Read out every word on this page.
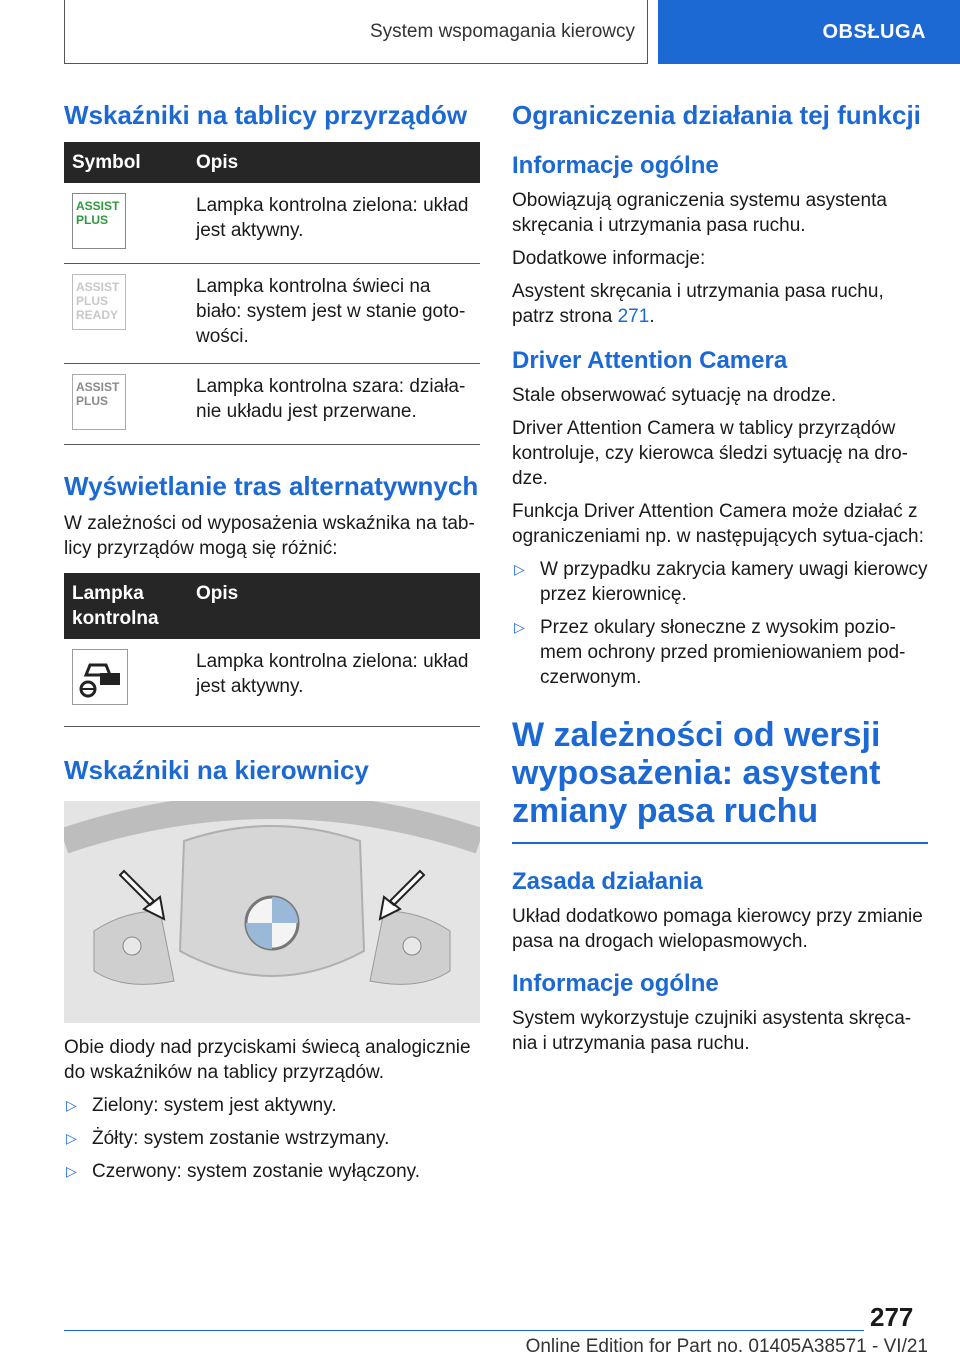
System wspomagania kierowcy	OBSŁUGA
Wskaźniki na tablicy przyrządów
Symbol	Opis

ASSIST
PLUS	Lampka kontrolna zielona: układ jest aktywny.

ASSIST
PLUS
READY	Lampka kontrolna świeci na biało: system jest w stanie goto-wości.

ASSIST
PLUS	Lampka kontrolna szara: działa-nie układu jest przerwane.
Wyświetlanie tras alternatywnych
W zależności od wyposażenia wskaźnika na tab-licy przyrządów mogą się różnić:
Lampka kontrolna	Opis
	Lampka kontrolna zielona: układ jest aktywny.
Wskaźniki na kierownicy
Obie diody nad przyciskami świecą analogicznie do wskaźników na tablicy przyrządów.
▷ Zielony: system jest aktywny.
▷ Żółty: system zostanie wstrzymany.
▷ Czerwony: system zostanie wyłączony.
Ograniczenia działania tej funkcji
Informacje ogólne
Obowiązują ograniczenia systemu asystenta skręcania i utrzymania pasa ruchu.
Dodatkowe informacje:
Asystent skręcania i utrzymania pasa ruchu, patrz strona 271.
Driver Attention Camera
Stale obserwować sytuację na drodze.
Driver Attention Camera w tablicy przyrządów kontroluje, czy kierowca śledzi sytuację na dro-dze.
Funkcja Driver Attention Camera może działać z ograniczeniami np. w następujących sytua-cjach:
▷ W przypadku zakrycia kamery uwagi kierowcy przez kierownicę.
▷ Przez okulary słoneczne z wysokim pozio-mem ochrony przed promieniowaniem pod-czerwonym.
W zależności od wersji wyposażenia: asystent zmiany pasa ruchu
Zasada działania
Układ dodatkowo pomaga kierowcy przy zmianie pasa na drogach wielopasmowych.
Informacje ogólne
System wykorzystuje czujniki asystenta skręca-nia i utrzymania pasa ruchu.
277
Online Edition for Part no. 01405A38571 - VI/21
